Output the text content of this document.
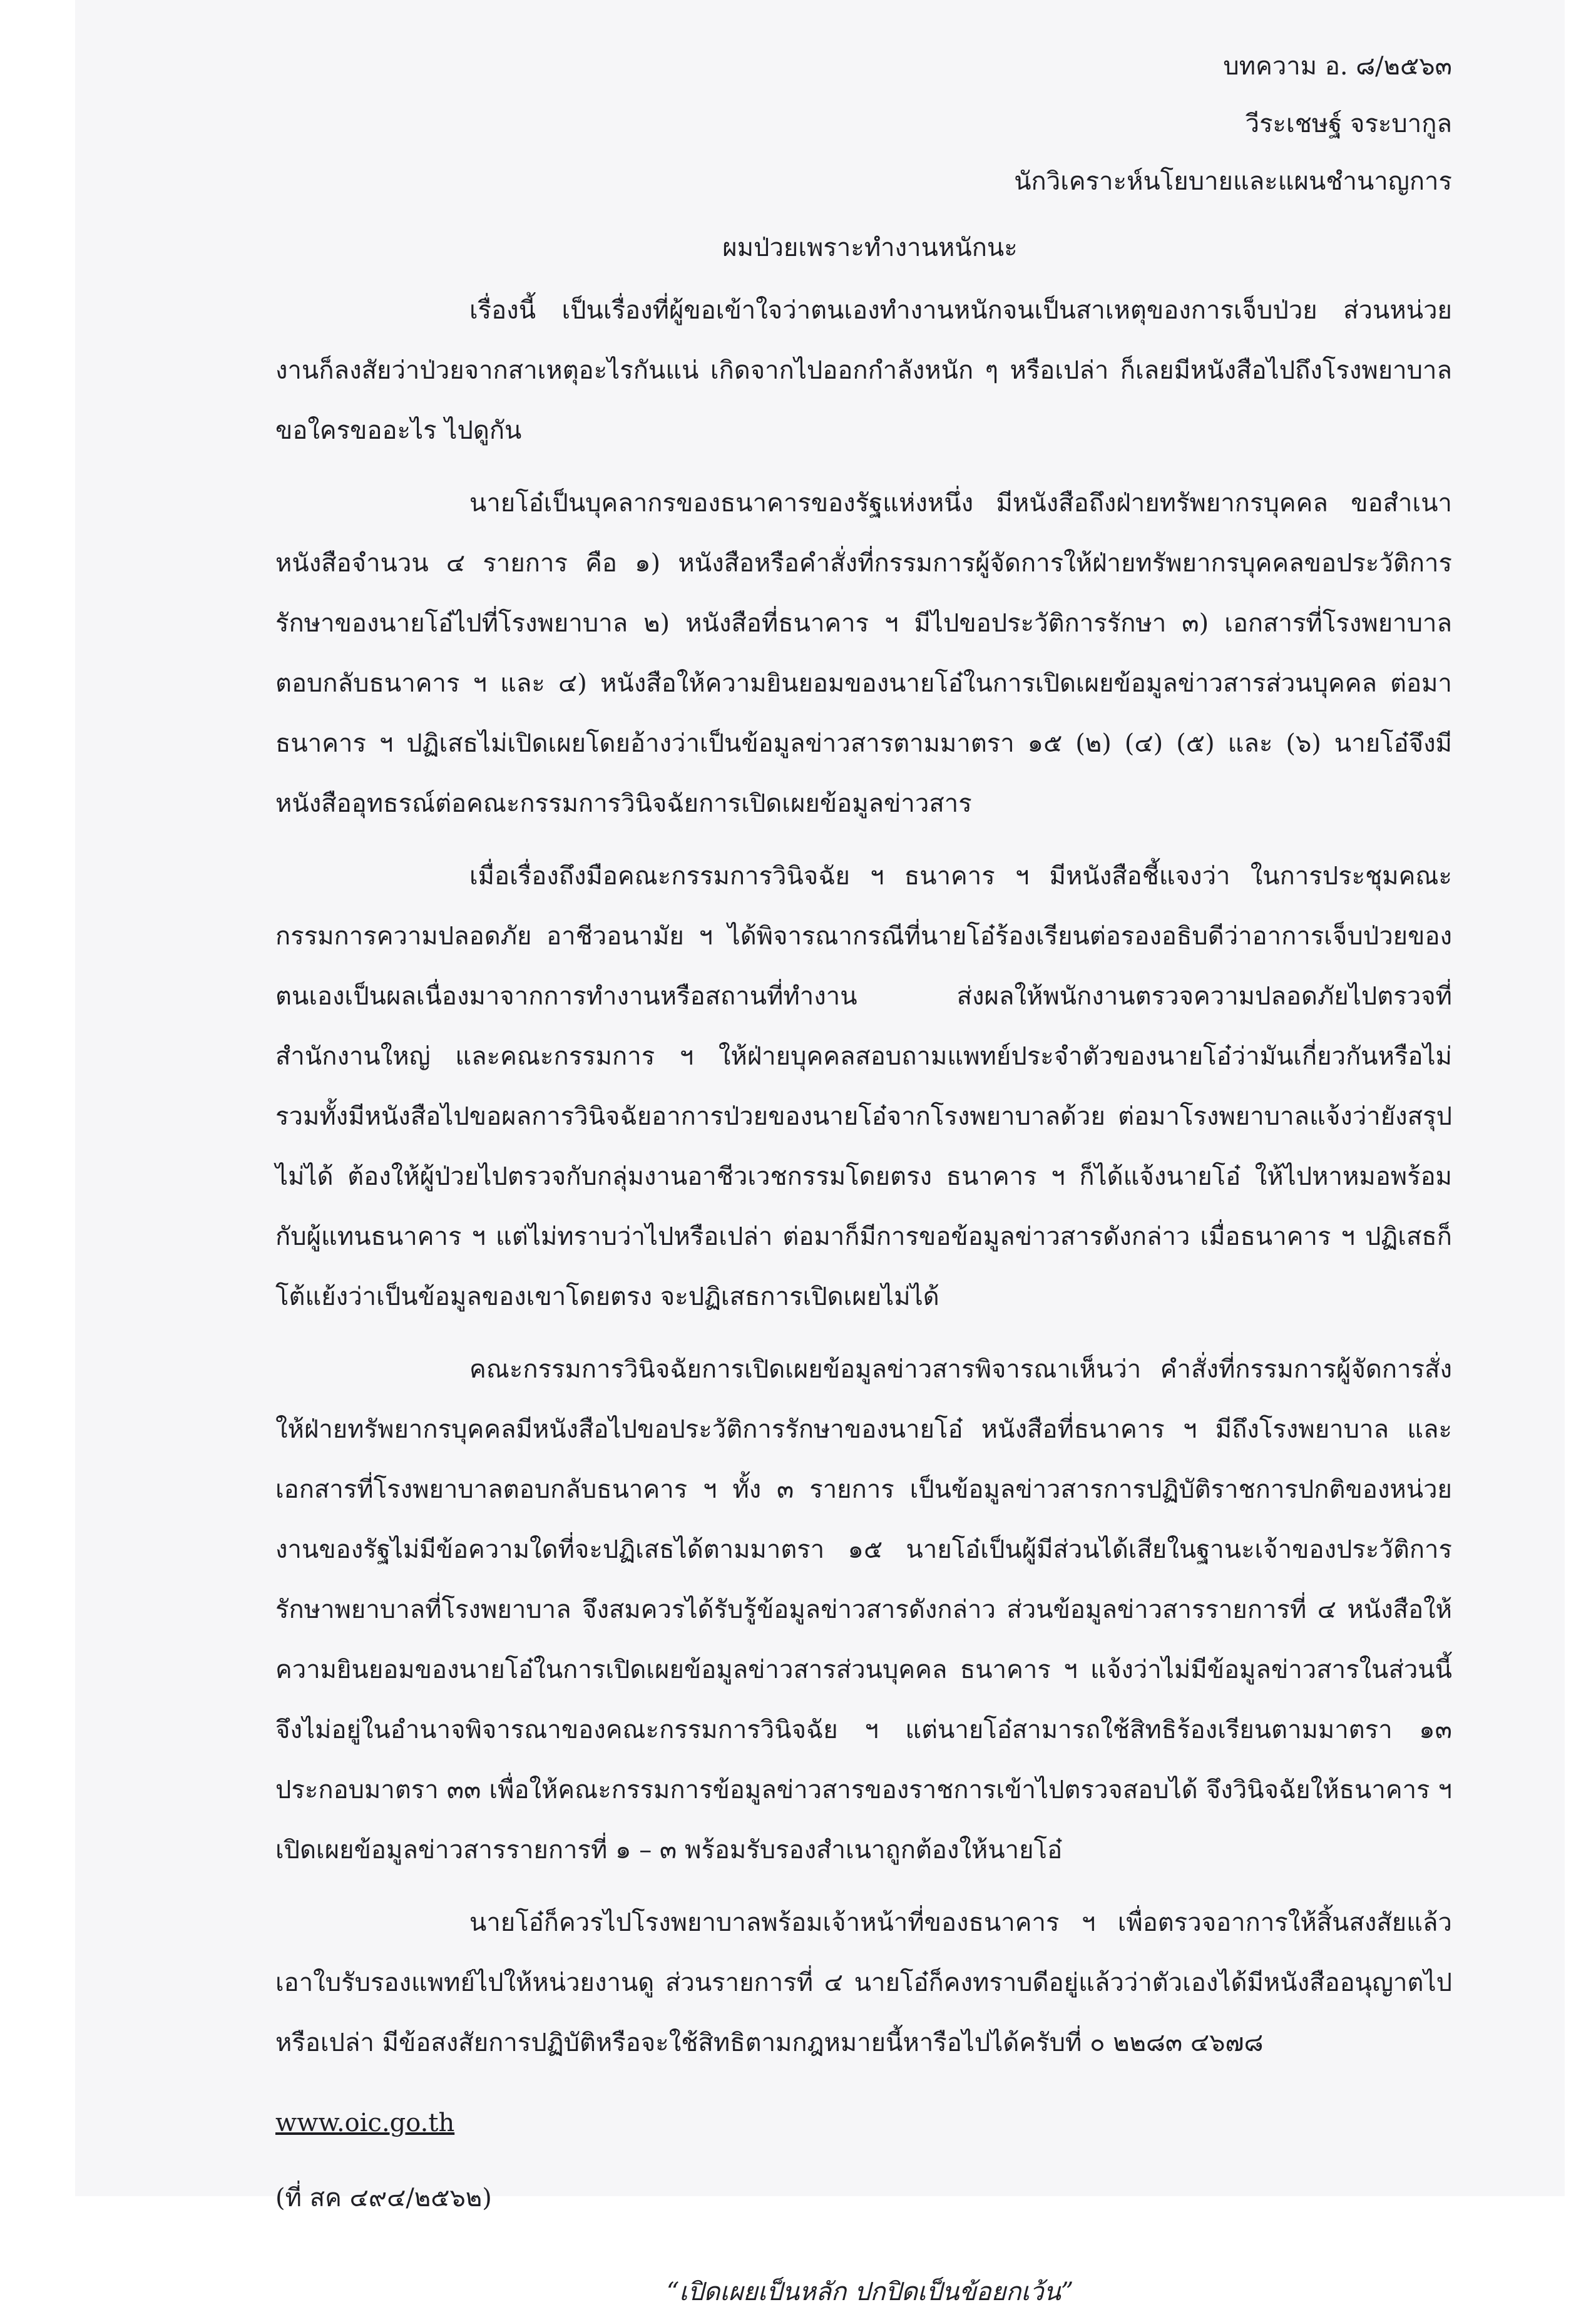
บทความ อ. ๘/๒๕๖๓
วีระเชษฐ์ จระบากูล
นักวิเคราะห์นโยบายและแผนชำนาญการ
ผมป่วยเพราะทำงานหนักนะ

เรื่องนี้ เป็นเรื่องที่ผู้ขอเข้าใจว่าตนเองทำงานหนักจนเป็นสาเหตุของการเจ็บป่วย ส่วนหน่วยงานก็ลงสัยว่าป่วยจากสาเหตุอะไรกันแน่ เกิดจากไปออกกำลังหนัก ๆ หรือเปล่า ก็เลยมีหนังสือไปถึงโรงพยาบาลขอใครขออะไร ไปดูกัน

นายโอ๋เป็นบุคลากรของธนาคารของรัฐแห่งหนึ่ง มีหนังสือถึงฝ่ายทรัพยากรบุคคล ขอสำเนาหนังสือจำนวน ๔ รายการ คือ ๑) หนังสือหรือคำสั่งที่กรรมการผู้จัดการให้ฝ่ายทรัพยากรบุคคลขอประวัติการรักษาของนายโอ๋ไปที่โรงพยาบาล ๒) หนังสือที่ธนาคาร ฯ มีไปขอประวัติการรักษา ๓) เอกสารที่โรงพยาบาลตอบกลับธนาคาร ฯ และ ๔) หนังสือให้ความยินยอมของนายโอ๋ในการเปิดเผยข้อมูลข่าวสารส่วนบุคคล ต่อมาธนาคาร ฯ ปฏิเสธไม่เปิดเผยโดยอ้างว่าเป็นข้อมูลข่าวสารตามมาตรา ๑๕ (๒) (๔) (๕) และ (๖) นายโอ๋จึงมีหนังสืออุทธรณ์ต่อคณะกรรมการวินิจฉัยการเปิดเผยข้อมูลข่าวสาร

เมื่อเรื่องถึงมือคณะกรรมการวินิจฉัย ฯ ธนาคาร ฯ มีหนังสือชี้แจงว่า ในการประชุมคณะกรรมการความปลอดภัย อาชีวอนามัย ฯ ได้พิจารณากรณีที่นายโอ๋ร้องเรียนต่อรองอธิบดีว่าอาการเจ็บป่วยของตนเองเป็นผลเนื่องมาจากการทำงานหรือสถานที่ทำงาน ส่งผลให้พนักงานตรวจความปลอดภัยไปตรวจที่สำนักงานใหญ่ และคณะกรรมการ ฯ ให้ฝ่ายบุคคลสอบถามแพทย์ประจำตัวของนายโอ๋ว่ามันเกี่ยวกันหรือไม่ รวมทั้งมีหนังสือไปขอผลการวินิจฉัยอาการป่วยของนายโอ๋จากโรงพยาบาลด้วย ต่อมาโรงพยาบาลแจ้งว่ายังสรุปไม่ได้ ต้องให้ผู้ป่วยไปตรวจกับกลุ่มงานอาชีวเวชกรรมโดยตรง ธนาคาร ฯ ก็ได้แจ้งนายโอ๋ ให้ไปหาหมอพร้อมกับผู้แทนธนาคาร ฯ แต่ไม่ทราบว่าไปหรือเปล่า ต่อมาก็มีการขอข้อมูลข่าวสารดังกล่าว เมื่อธนาคาร ฯ ปฏิเสธก็โต้แย้งว่าเป็นข้อมูลของเขาโดยตรง จะปฏิเสธการเปิดเผยไม่ได้

คณะกรรมการวินิจฉัยการเปิดเผยข้อมูลข่าวสารพิจารณาเห็นว่า คำสั่งที่กรรมการผู้จัดการสั่งให้ฝ่ายทรัพยากรบุคคลมีหนังสือไปขอประวัติการรักษาของนายโอ๋ หนังสือที่ธนาคาร ฯ มีถึงโรงพยาบาล และเอกสารที่โรงพยาบาลตอบกลับธนาคาร ฯ ทั้ง ๓ รายการ เป็นข้อมูลข่าวสารการปฏิบัติราชการปกติของหน่วยงานของรัฐไม่มีข้อความใดที่จะปฏิเสธได้ตามมาตรา ๑๕ นายโอ๋เป็นผู้มีส่วนได้เสียในฐานะเจ้าของประวัติการรักษาพยาบาลที่โรงพยาบาล จึงสมควรได้รับรู้ข้อมูลข่าวสารดังกล่าว ส่วนข้อมูลข่าวสารรายการที่ ๔ หนังสือให้ความยินยอมของนายโอ๋ในการเปิดเผยข้อมูลข่าวสารส่วนบุคคล ธนาคาร ฯ แจ้งว่าไม่มีข้อมูลข่าวสารในส่วนนี้ จึงไม่อยู่ในอำนาจพิจารณาของคณะกรรมการวินิจฉัย ฯ แต่นายโอ๋สามารถใช้สิทธิร้องเรียนตามมาตรา ๑๓ ประกอบมาตรา ๓๓ เพื่อให้คณะกรรมการข้อมูลข่าวสารของราชการเข้าไปตรวจสอบได้ จึงวินิจฉัยให้ธนาคาร ฯ เปิดเผยข้อมูลข่าวสารรายการที่ ๑ – ๓ พร้อมรับรองสำเนาถูกต้องให้นายโอ๋

นายโอ๋ก็ควรไปโรงพยาบาลพร้อมเจ้าหน้าที่ของธนาคาร ฯ เพื่อตรวจอาการให้สิ้นสงสัยแล้วเอาใบรับรองแพทย์ไปให้หน่วยงานดู ส่วนรายการที่ ๔ นายโอ๋ก็คงทราบดีอยู่แล้วว่าตัวเองได้มีหนังสืออนุญาตไปหรือเปล่า มีข้อสงสัยการปฏิบัติหรือจะใช้สิทธิตามกฎหมายนี้หารือไปได้ครับที่ ๐ ๒๒๘๓ ๔๖๗๘

www.oic.go.th
(ที่ สค ๔๙๔/๒๕๖๒)
“เปิดเผยเป็นหลัก ปกปิดเป็นข้อยกเว้น”
